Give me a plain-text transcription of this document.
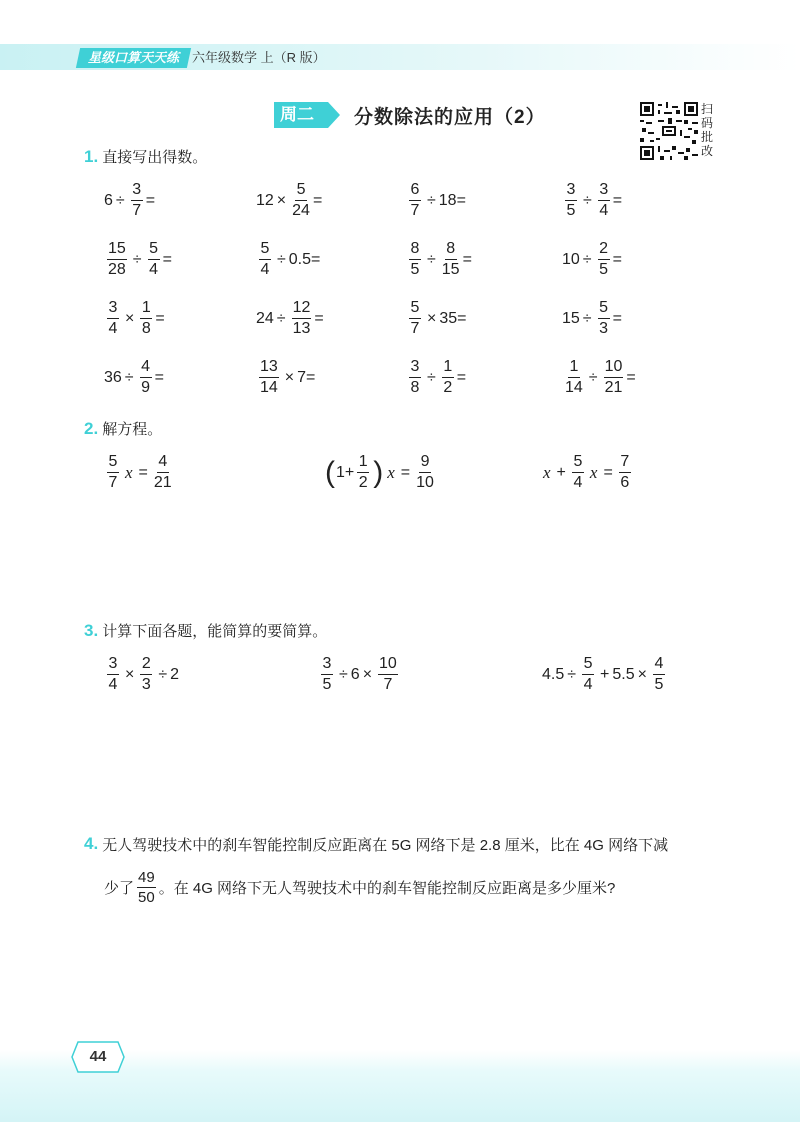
星级口算天天练 六年级数学 上（R 版）
周二	分数除法的应用（2）	扫
码
批
改
1. 直接写出得数。
$6 \div \frac{3}{7}$ =	$12 \times \frac{5}{24}$ =	$\frac{6}{7} \div 18$ =	$\frac{3}{5} \div \frac{3}{4}$ =
$\frac{15}{28} \div \frac{5}{4}$ =	$\frac{5}{4} \div 0.5$ =	$\frac{8}{5} \div \frac{8}{15}$ =	$10 \div \frac{2}{5}$ =
$\frac{3}{4} \times \frac{1}{8}$ =	$24 \div \frac{12}{13}$ =	$\frac{5}{7} \times 35$ =	$15 \div \frac{5}{3}$ =
$36 \div \frac{4}{9}$ =	$\frac{13}{14} \times 7$ =	$\frac{3}{8} \div \frac{1}{2}$ =	$\frac{1}{14} \div \frac{10}{21}$ =
2. 解方程。
$\frac{5}{7}$ $x = \frac{4}{21}$	( $1+ \frac{1}{2}$ ) $x = \frac{9}{10}$	$x + \frac{5}{4}$ $x = \frac{7}{6}$
3. 计算下面各题，能简算的要简算。
$\frac{3}{4} \times \frac{2}{3} \div 2$	$\frac{3}{5} \div 6 \times \frac{10}{7}$	$4.5 \div \frac{5}{4} + 5.5 \times \frac{4}{5}$
4. 无人驾驶技术中的刹车智能控制反应距离在 5G 网络下是 2.8 厘米，比在 4G 网络下减
少了 $\frac{49}{50}$ 。在 4G 网络下无人驾驶技术中的刹车智能控制反应距离是多少厘米?
44
